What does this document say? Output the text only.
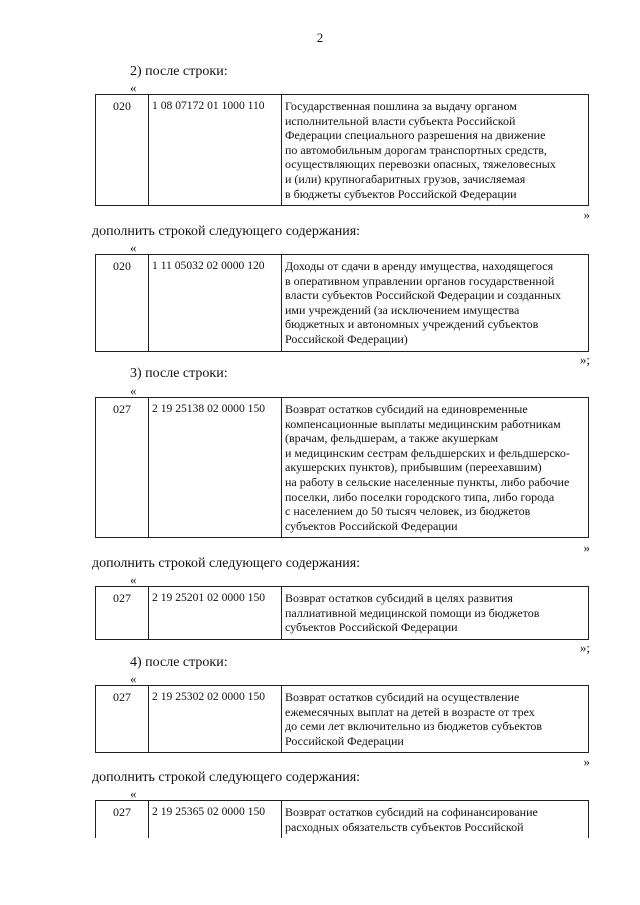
2
2) после строки:
«
020	1 08 07172 01 1000 110	Государственная пошлина за выдачу органом
исполнительной власти субъекта Российской
Федерации специального разрешения на движение
по автомобильным дорогам транспортных средств,
осуществляющих перевозки опасных, тяжеловесных
и (или) крупногабаритных грузов, зачисляемая
в бюджеты субъектов Российской Федерации
»
дополнить строкой следующего содержания:
«
020	1 11 05032 02 0000 120	Доходы от сдачи в аренду имущества, находящегося
в оперативном управлении органов государственной
власти субъектов Российской Федерации и созданных
ими учреждений (за исключением имущества
бюджетных и автономных учреждений субъектов
Российской Федерации)
»;
3) после строки:
«
027	2 19 25138 02 0000 150	Возврат остатков субсидий на единовременные
компенсационные выплаты медицинским работникам
(врачам, фельдшерам, а также акушеркам
и медицинским сестрам фельдшерских и фельдшерско-
акушерских пунктов), прибывшим (переехавшим)
на работу в сельские населенные пункты, либо рабочие
поселки, либо поселки городского типа, либо города
с населением до 50 тысяч человек, из бюджетов
субъектов Российской Федерации
»
дополнить строкой следующего содержания:
«
027	2 19 25201 02 0000 150	Возврат остатков субсидий в целях развития
паллиативной медицинской помощи из бюджетов
субъектов Российской Федерации
»;
4) после строки:
«
027	2 19 25302 02 0000 150	Возврат остатков субсидий на осуществление
ежемесячных выплат на детей в возрасте от трех
до семи лет включительно из бюджетов субъектов
Российской Федерации
»
дополнить строкой следующего содержания:
«
027	2 19 25365 02 0000 150	Возврат остатков субсидий на софинансирование
расходных обязательств субъектов Российской
